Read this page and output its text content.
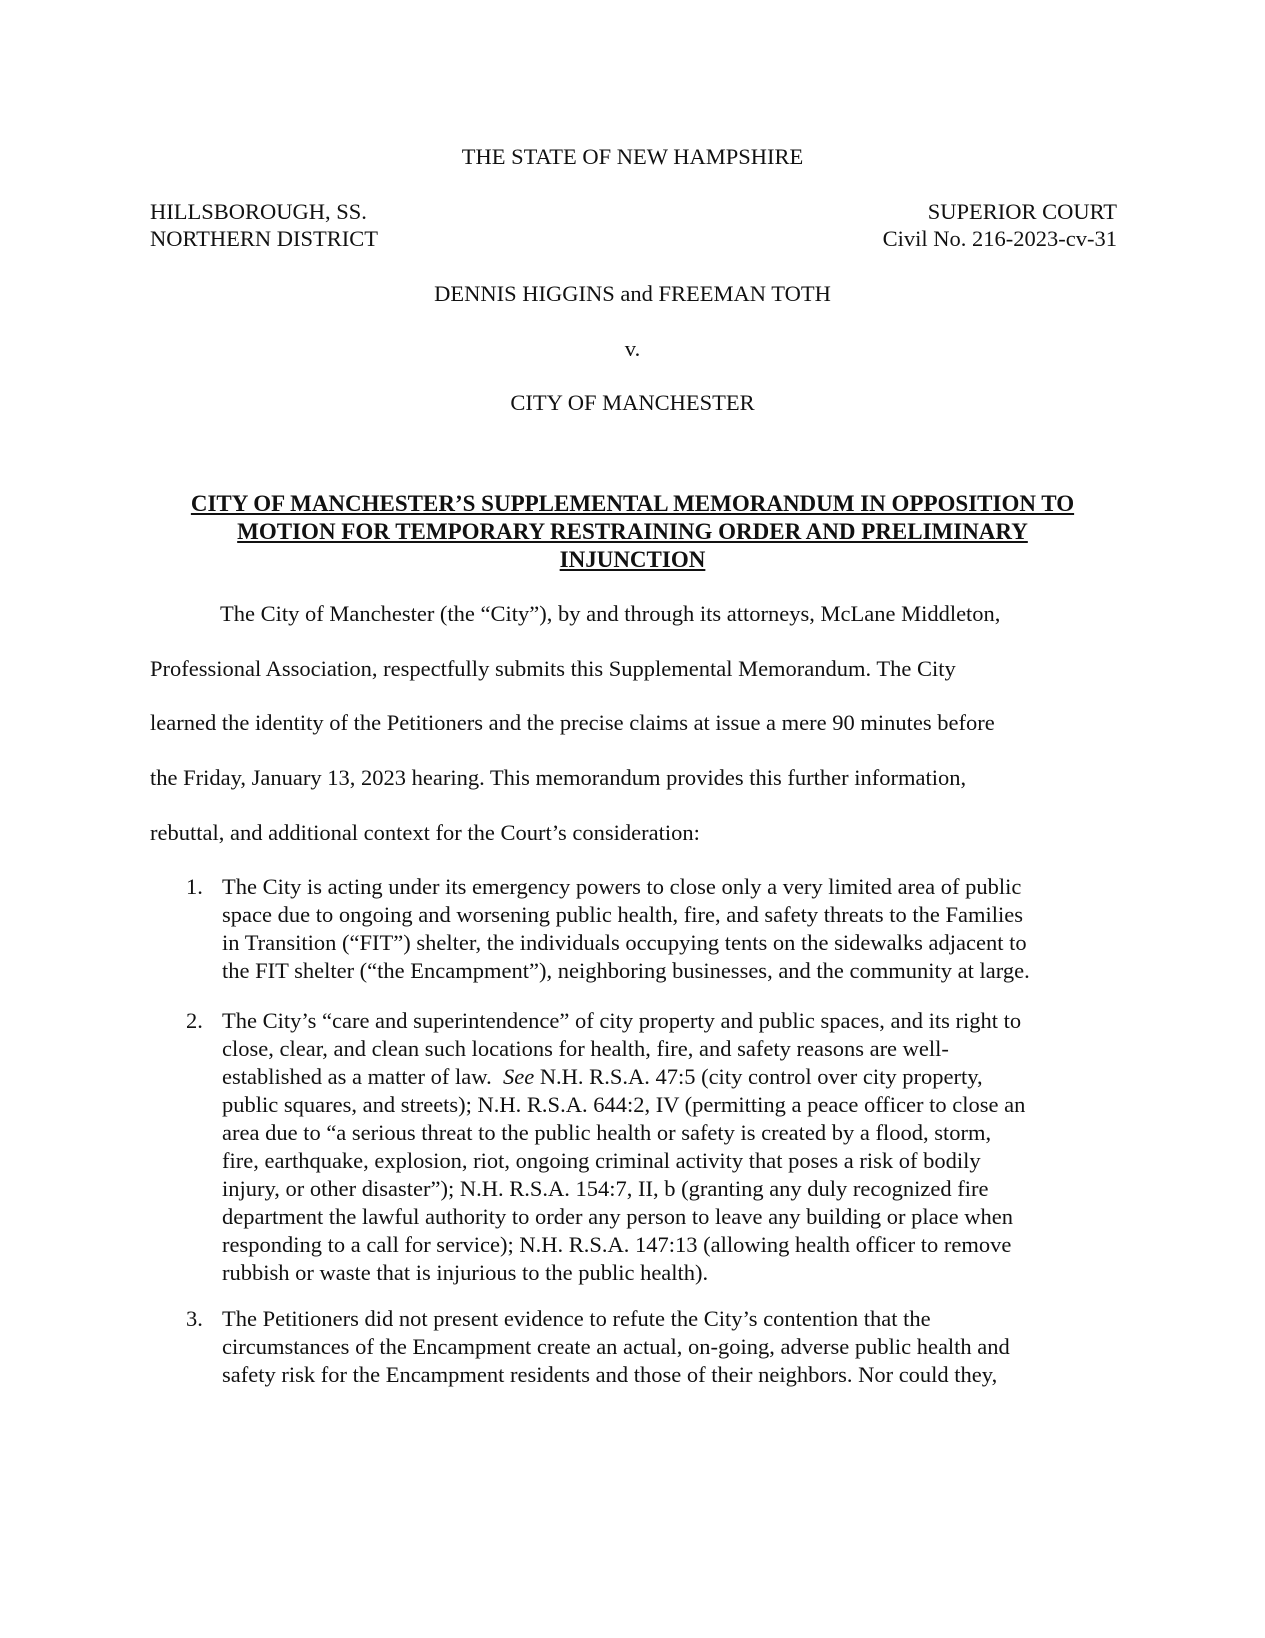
THE STATE OF NEW HAMPSHIRE
HILLSBOROUGH, SS.
NORTHERN DISTRICT
SUPERIOR COURT
Civil No. 216-2023-cv-31
DENNIS HIGGINS and FREEMAN TOTH
v.
CITY OF MANCHESTER
CITY OF MANCHESTER’S SUPPLEMENTAL MEMORANDUM IN OPPOSITION TO
MOTION FOR TEMPORARY RESTRAINING ORDER AND PRELIMINARY
INJUNCTION
The City of Manchester (the “City”), by and through its attorneys, McLane Middleton,
Professional Association, respectfully submits this Supplemental Memorandum. The City
learned the identity of the Petitioners and the precise claims at issue a mere 90 minutes before
the Friday, January 13, 2023 hearing. This memorandum provides this further information,
rebuttal, and additional context for the Court’s consideration:
1. The City is acting under its emergency powers to close only a very limited area of public
space due to ongoing and worsening public health, fire, and safety threats to the Families
in Transition (“FIT”) shelter, the individuals occupying tents on the sidewalks adjacent to
the FIT shelter (“the Encampment”), neighboring businesses, and the community at large.
2. The City’s “care and superintendence” of city property and public spaces, and its right to
close, clear, and clean such locations for health, fire, and safety reasons are well-
established as a matter of law. See N.H. R.S.A. 47:5 (city control over city property,
public squares, and streets); N.H. R.S.A. 644:2, IV (permitting a peace officer to close an
area due to “a serious threat to the public health or safety is created by a flood, storm,
fire, earthquake, explosion, riot, ongoing criminal activity that poses a risk of bodily
injury, or other disaster”); N.H. R.S.A. 154:7, II, b (granting any duly recognized fire
department the lawful authority to order any person to leave any building or place when
responding to a call for service); N.H. R.S.A. 147:13 (allowing health officer to remove
rubbish or waste that is injurious to the public health).
3. The Petitioners did not present evidence to refute the City’s contention that the
circumstances of the Encampment create an actual, on-going, adverse public health and
safety risk for the Encampment residents and those of their neighbors. Nor could they,
